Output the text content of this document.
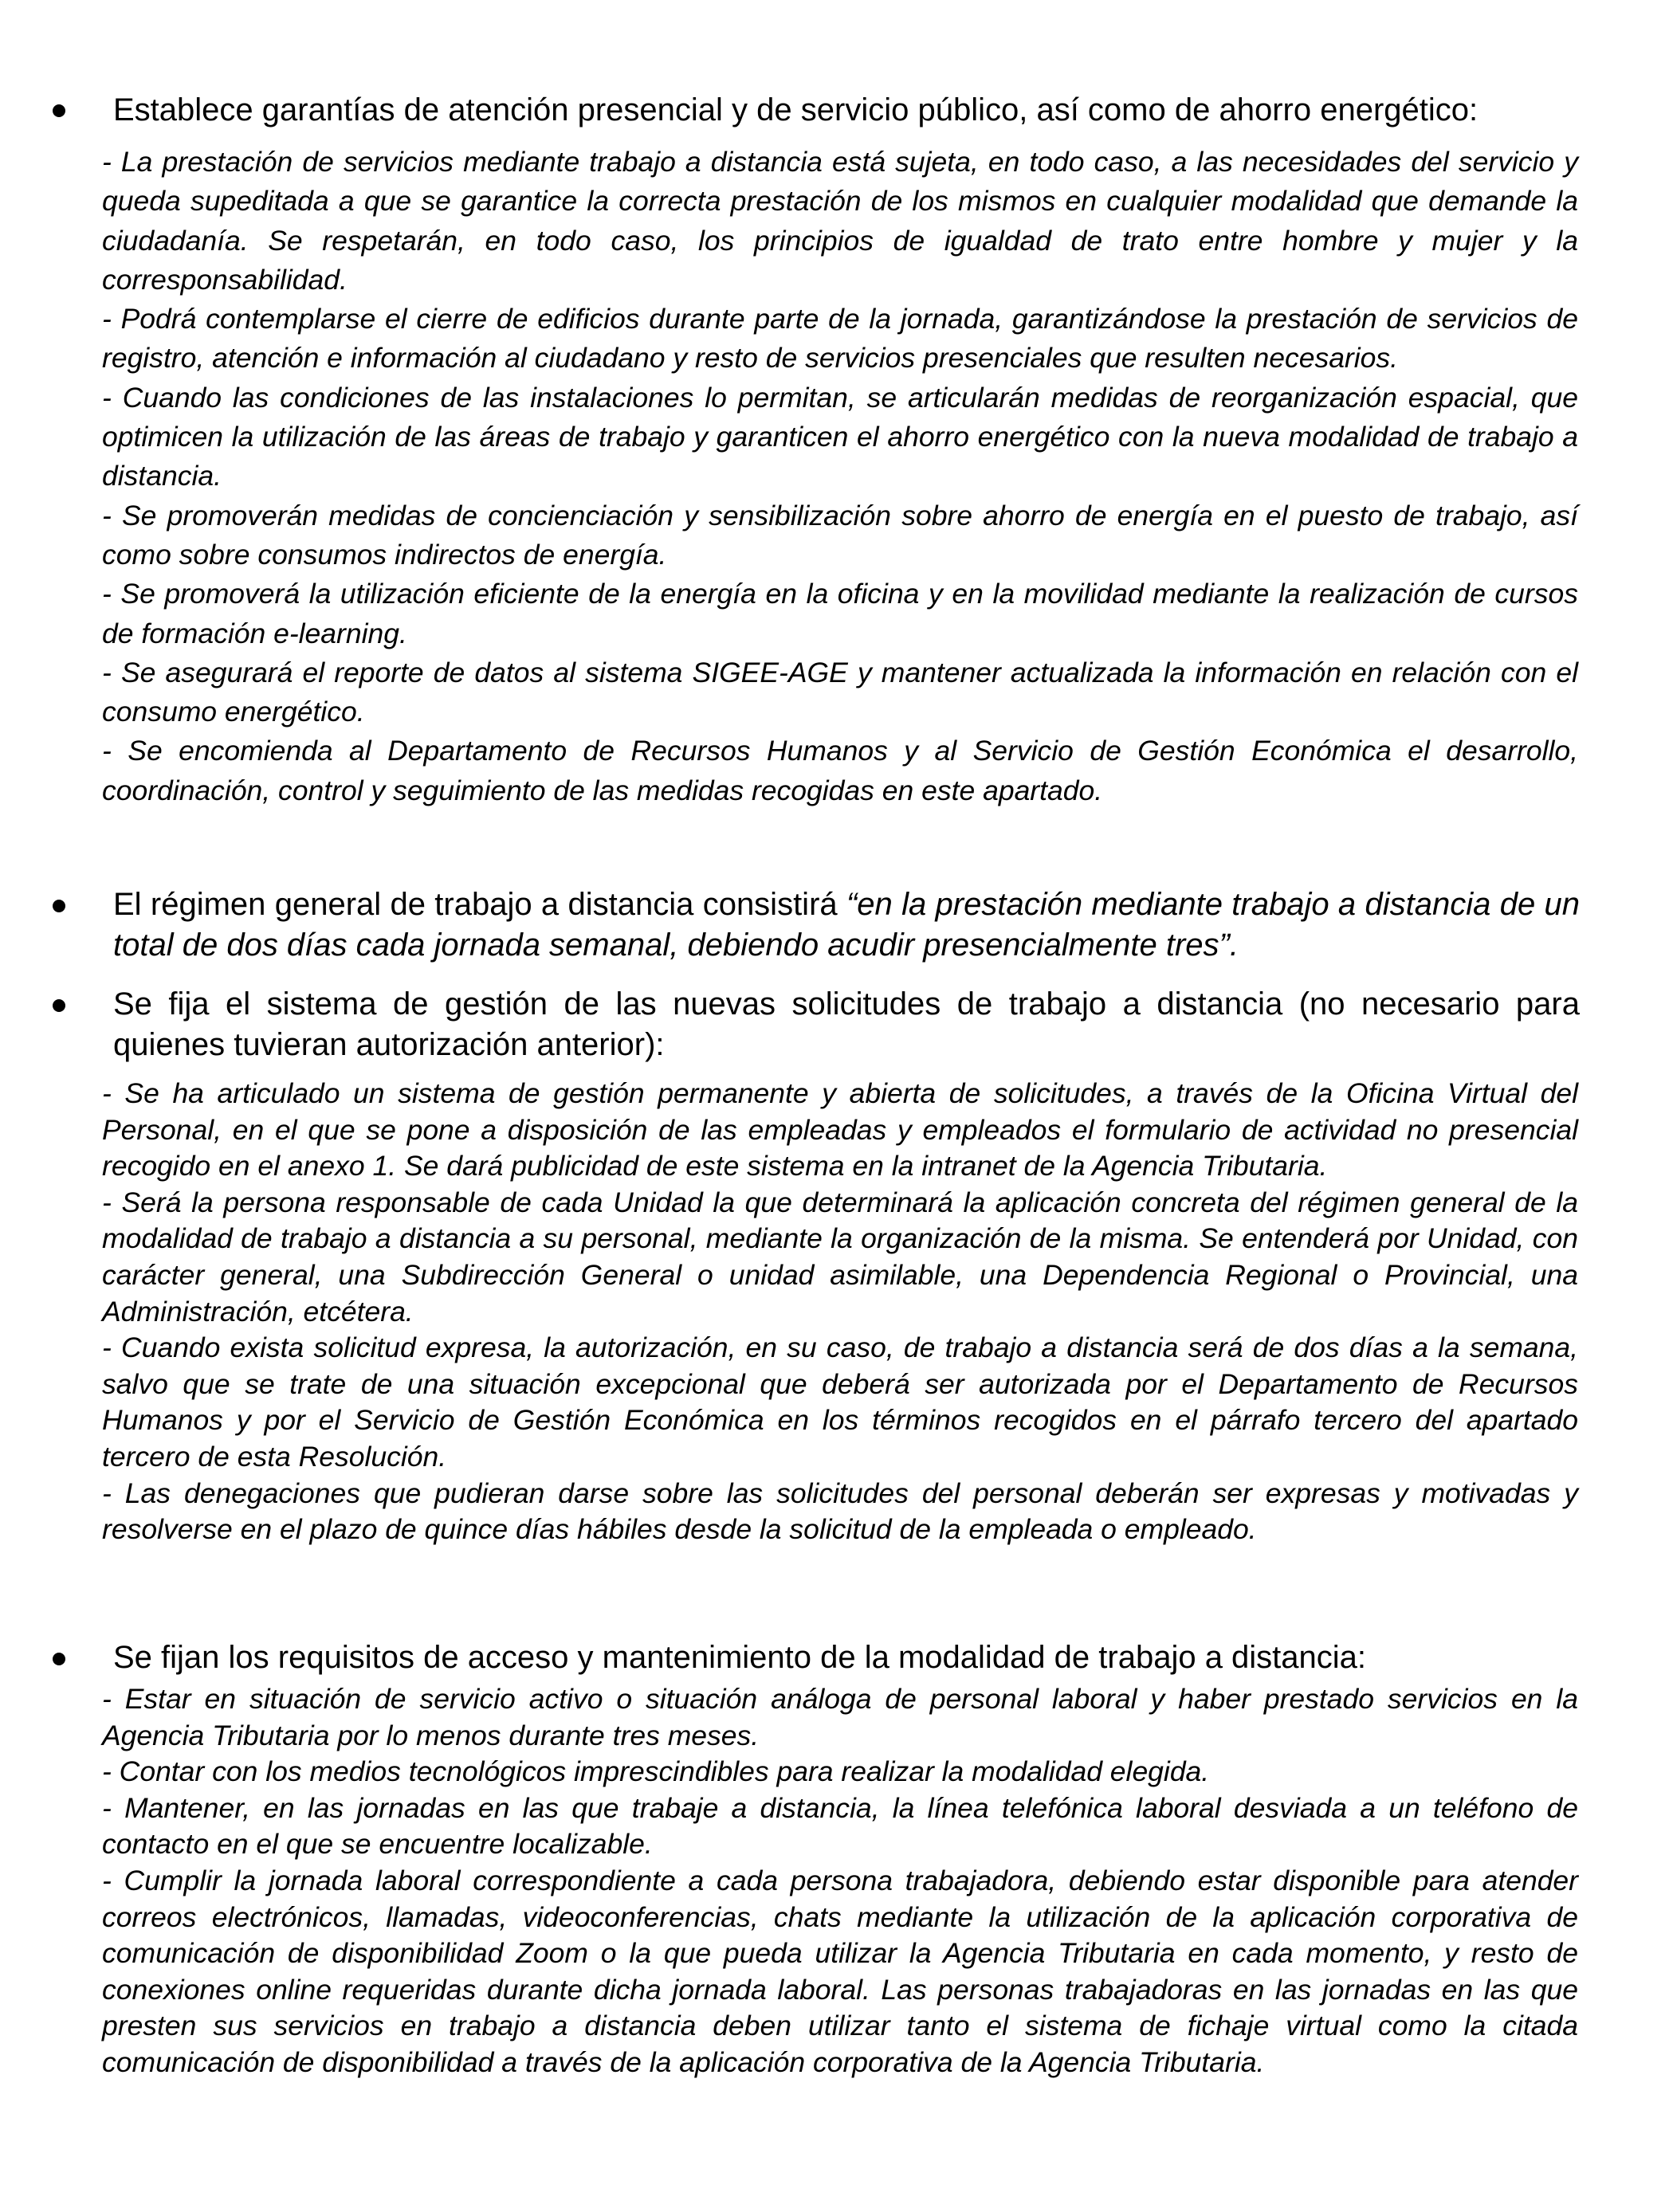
Establece garantías de atención presencial y de servicio público, así como de ahorro energético:

- La prestación de servicios mediante trabajo a distancia está sujeta, en todo caso, a las necesidades del servicio y queda supeditada a que se garantice la correcta prestación de los mismos en cualquier modalidad que demande la ciudadanía. Se respetarán, en todo caso, los principios de igualdad de trato entre hombre y mujer y la corresponsabilidad.

- Podrá contemplarse el cierre de edificios durante parte de la jornada, garantizándose la prestación de servicios de registro, atención e información al ciudadano y resto de servicios presenciales que resulten necesarios.

- Cuando las condiciones de las instalaciones lo permitan, se articularán medidas de reorganización espacial, que optimicen la utilización de las áreas de trabajo y garanticen el ahorro energético con la nueva modalidad de trabajo a distancia.

- Se promoverán medidas de concienciación y sensibilización sobre ahorro de energía en el puesto de trabajo, así como sobre consumos indirectos de energía.

- Se promoverá la utilización eficiente de la energía en la oficina y en la movilidad mediante la realización de cursos de formación e-learning.

- Se asegurará el reporte de datos al sistema SIGEE-AGE y mantener actualizada la información en relación con el consumo energético.

- Se encomienda al Departamento de Recursos Humanos y al Servicio de Gestión Económica el desarrollo, coordinación, control y seguimiento de las medidas recogidas en este apartado.

El régimen general de trabajo a distancia consistirá “en la prestación mediante trabajo a distancia de un total de dos días cada jornada semanal, debiendo acudir presencialmente tres”.
Se fija el sistema de gestión de las nuevas solicitudes de trabajo a distancia (no necesario para quienes tuvieran autorización anterior):

- Se ha articulado un sistema de gestión permanente y abierta de solicitudes, a través de la Oficina Virtual del Personal, en el que se pone a disposición de las empleadas y empleados el formulario de actividad no presencial recogido en el anexo 1. Se dará publicidad de este sistema en la intranet de la Agencia Tributaria.

- Será la persona responsable de cada Unidad la que determinará la aplicación concreta del régimen general de la modalidad de trabajo a distancia a su personal, mediante la organización de la misma. Se entenderá por Unidad, con carácter general, una Subdirección General o unidad asimilable, una Dependencia Regional o Provincial, una Administración, etcétera.

- Cuando exista solicitud expresa, la autorización, en su caso, de trabajo a distancia será de dos días a la semana, salvo que se trate de una situación excepcional que deberá ser autorizada por el Departamento de Recursos Humanos y por el Servicio de Gestión Económica en los términos recogidos en el párrafo tercero del apartado tercero de esta Resolución.

- Las denegaciones que pudieran darse sobre las solicitudes del personal deberán ser expresas y motivadas y resolverse en el plazo de quince días hábiles desde la solicitud de la empleada o empleado.

Se fijan los requisitos de acceso y mantenimiento de la modalidad de trabajo a distancia:

- Estar en situación de servicio activo o situación análoga de personal laboral y haber prestado servicios en la Agencia Tributaria por lo menos durante tres meses.

- Contar con los medios tecnológicos imprescindibles para realizar la modalidad elegida.

- Mantener, en las jornadas en las que trabaje a distancia, la línea telefónica laboral desviada a un teléfono de contacto en el que se encuentre localizable.

- Cumplir la jornada laboral correspondiente a cada persona trabajadora, debiendo estar disponible para atender correos electrónicos, llamadas, videoconferencias, chats mediante la utilización de la aplicación corporativa de comunicación de disponibilidad Zoom o la que pueda utilizar la Agencia Tributaria en cada momento, y resto de conexiones online requeridas durante dicha jornada laboral. Las personas trabajadoras en las jornadas en las que presten sus servicios en trabajo a distancia deben utilizar tanto el sistema de fichaje virtual como la citada comunicación de disponibilidad a través de la aplicación corporativa de la Agencia Tributaria.
